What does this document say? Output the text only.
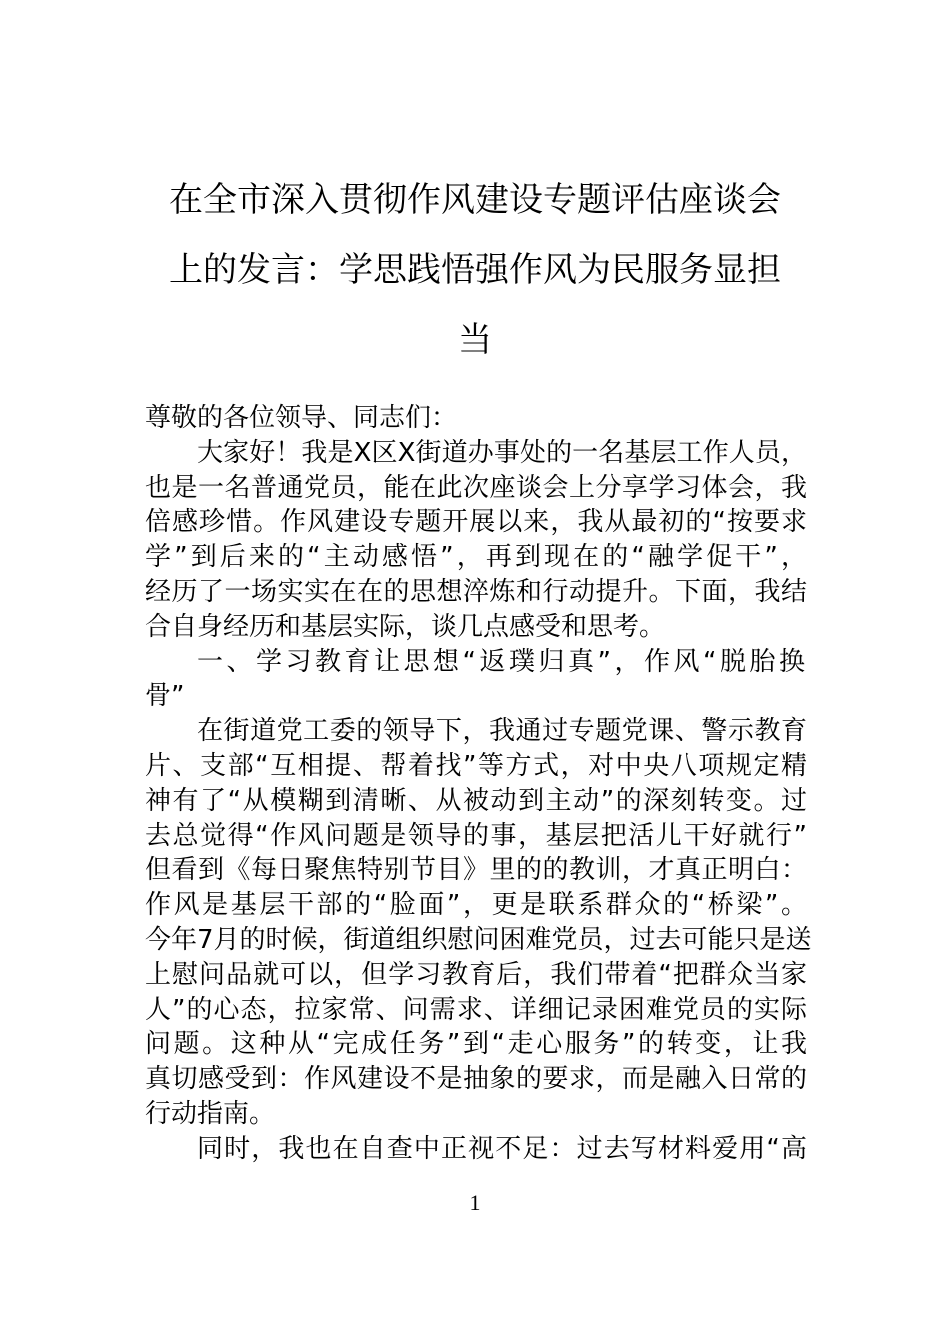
在全市深入贯彻作风建设专题评估座谈会
上的发言：学思践悟强作风为民服务显担
当
尊敬的各位领导、同志们：
大家好！我是X区X街道办事处的一名基层工作人员，
也是一名普通党员，能在此次座谈会上分享学习体会，我
倍感珍惜。作风建设专题开展以来，我从最初的“按要求
学”到后来的“主动感悟”，再到现在的“融学促干”，
经历了一场实实在在的思想淬炼和行动提升。下面，我结
合自身经历和基层实际，谈几点感受和思考。
一、学习教育让思想“返璞归真”，作风“脱胎换
骨”
在街道党工委的领导下，我通过专题党课、警示教育
片、支部“互相提、帮着找”等方式，对中央八项规定精
神有了“从模糊到清晰、从被动到主动”的深刻转变。过
去总觉得“作风问题是领导的事，基层把活儿干好就行”
但看到《每日聚焦特别节目》里的的教训，才真正明白：
作风是基层干部的“脸面”，更是联系群众的“桥梁”。
今年7月的时候，街道组织慰问困难党员，过去可能只是送
上慰问品就可以，但学习教育后，我们带着“把群众当家
人”的心态，拉家常、问需求、详细记录困难党员的实际
问题。这种从“完成任务”到“走心服务”的转变，让我
真切感受到：作风建设不是抽象的要求，而是融入日常的
行动指南。
同时，我也在自查中正视不足：过去写材料爱用“高
1
